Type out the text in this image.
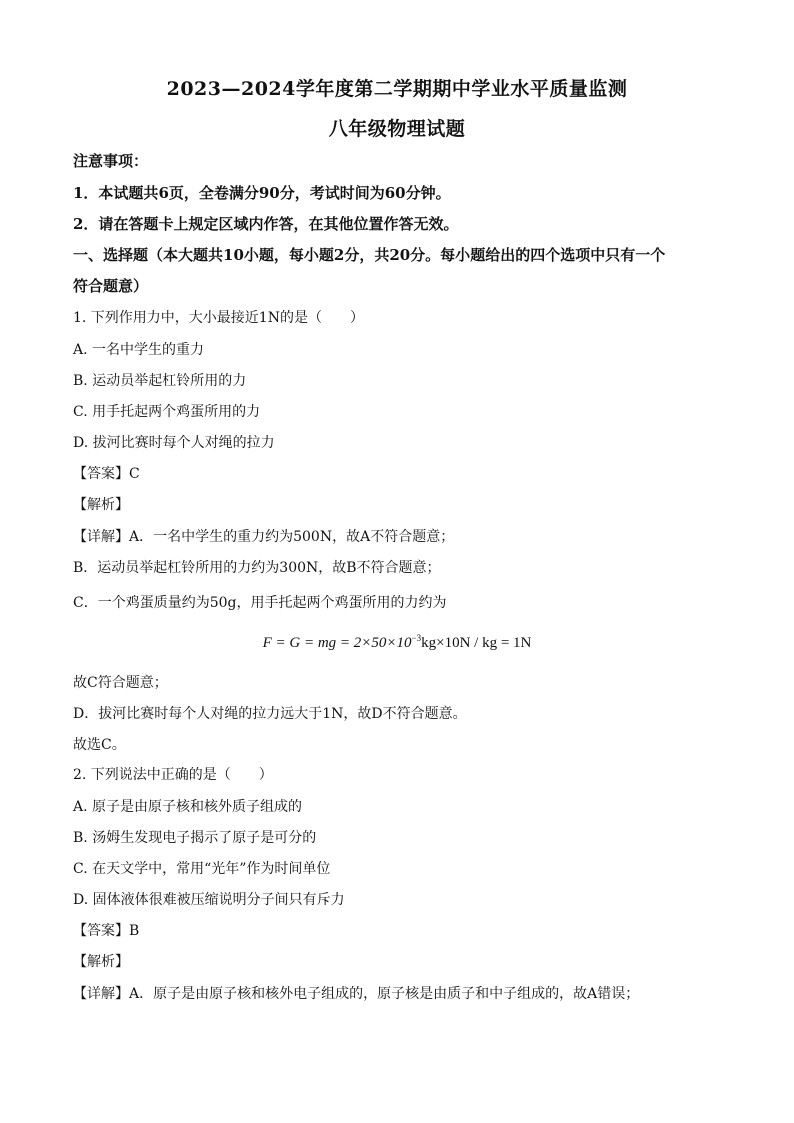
2023—2024学年度第二学期期中学业水平质量监测
八年级物理试题
注意事项：
1．本试题共6页，全卷满分90分，考试时间为60分钟。
2．请在答题卡上规定区域内作答，在其他位置作答无效。
一、选择题（本大题共10小题，每小题2分，共20分。每小题给出的四个选项中只有一个
符合题意）
1. 下列作用力中，大小最接近1N的是（　　）
A. 一名中学生的重力
B. 运动员举起杠铃所用的力
C. 用手托起两个鸡蛋所用的力
D. 拔河比赛时每个人对绳的拉力
【答案】C
【解析】
【详解】A．一名中学生的重力约为500N，故A不符合题意；
B．运动员举起杠铃所用的力约为300N，故B不符合题意；
C．一个鸡蛋质量约为50g，用手托起两个鸡蛋所用的力约为
F = G = mg = $2\times 50\times 10^{-3}kg\times 10N$ / kg = 1N
故C符合题意；
D．拔河比赛时每个人对绳的拉力远大于1N，故D不符合题意。
故选C。
2. 下列说法中正确的是（　　）
A. 原子是由原子核和核外质子组成的
B. 汤姆生发现电子揭示了原子是可分的
C. 在天文学中，常用“光年”作为时间单位
D. 固体液体很难被压缩说明分子间只有斥力
【答案】B
【解析】
【详解】A．原子是由原子核和核外电子组成的，原子核是由质子和中子组成的，故A错误；
